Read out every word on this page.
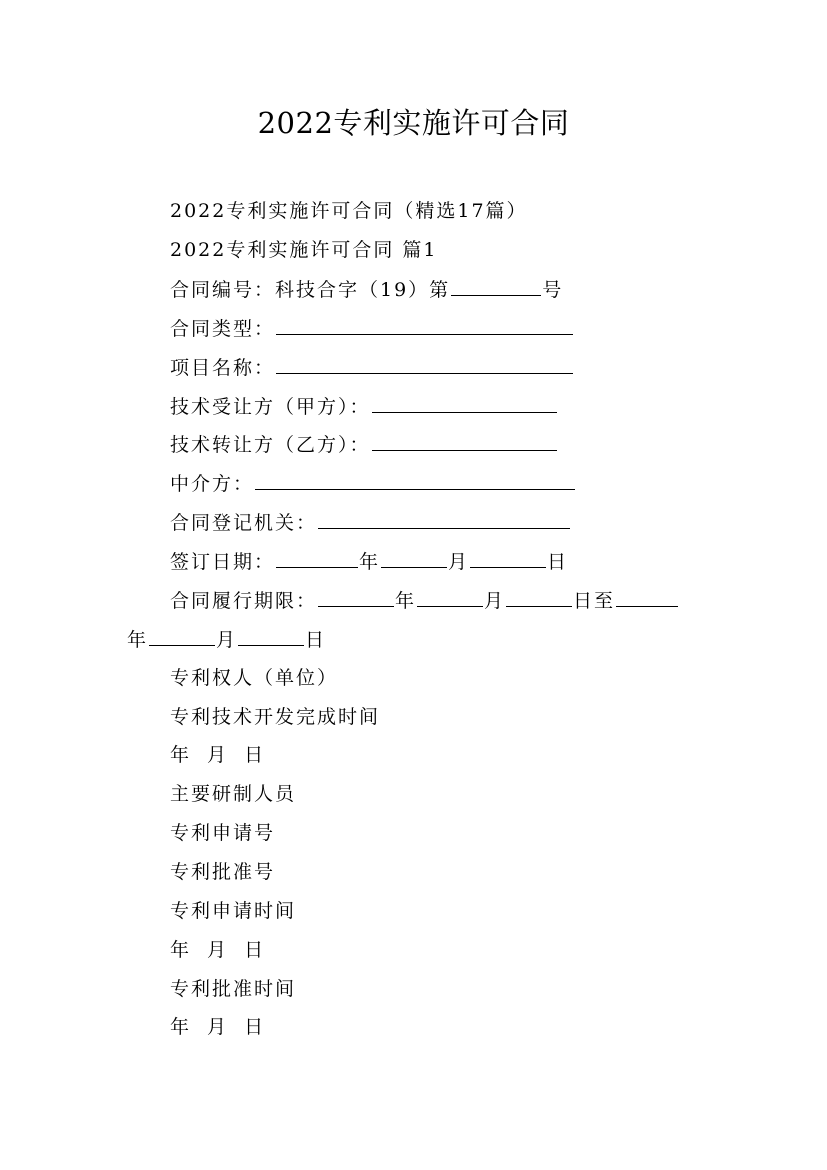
2022专利实施许可合同
2022专利实施许可合同（精选17篇）
2022专利实施许可合同 篇1
合同编号：科技合字（19）第	号
合同类型：
项目名称：
技术受让方（甲方）：
技术转让方（乙方）：
中介方：
合同登记机关：
签订日期：	年	月	日
合同履行期限：	年	月	日至
年	月	日
专利权人（单位）
专利技术开发完成时间
年 月 日
主要研制人员
专利申请号
专利批准号
专利申请时间
年 月 日
专利批准时间
年 月 日
